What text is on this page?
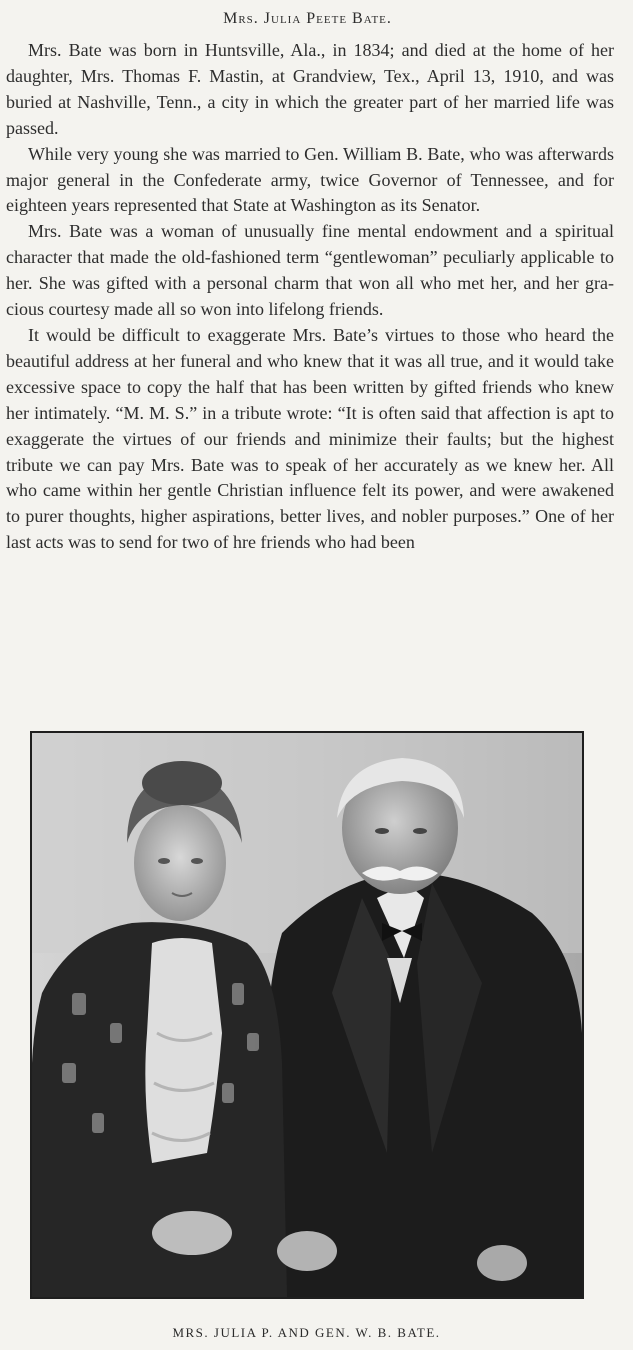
Mrs. Julia Peete Bate.

Mrs. Bate was born in Huntsville, Ala., in 1834; and died at the home of her daughter, Mrs. Thomas F. Mastin, at Grandview, Tex., April 13, 1910, and was buried at Nashville, Tenn., a city in which the greater part of her married life was passed.

While very young she was married to Gen. William B. Bate, who was afterwards major general in the Confederate army, twice Governor of Tennessee, and for eighteen years represented that State at Washington as its Senator.

Mrs. Bate was a woman of unusually fine mental endowment and a spiritual character that made the old-fashioned term “gentlewoman” peculiarly applicable to her. She was gifted with a personal charm that won all who met her, and her gracious courtesy made all so won into lifelong friends.

It would be difficult to exaggerate Mrs. Bate’s virtues to those who heard the beautiful address at her funeral and who knew that it was all true, and it would take excessive space to copy the half that has been written by gifted friends who knew her intimately. “M. M. S.” in a tribute wrote: “It is often said that affection is apt to exaggerate the virtues of our friends and minimize their faults; but the highest tribute we can pay Mrs. Bate was to speak of her accurately as we knew her. All who came within her gentle Christian influence felt its power, and were awakened to purer thoughts, higher aspirations, better lives, and nobler purposes.” One of her last acts was to send for two of hre friends who had been

MRS. JULIA P. AND GEN. W. B. BATE.
